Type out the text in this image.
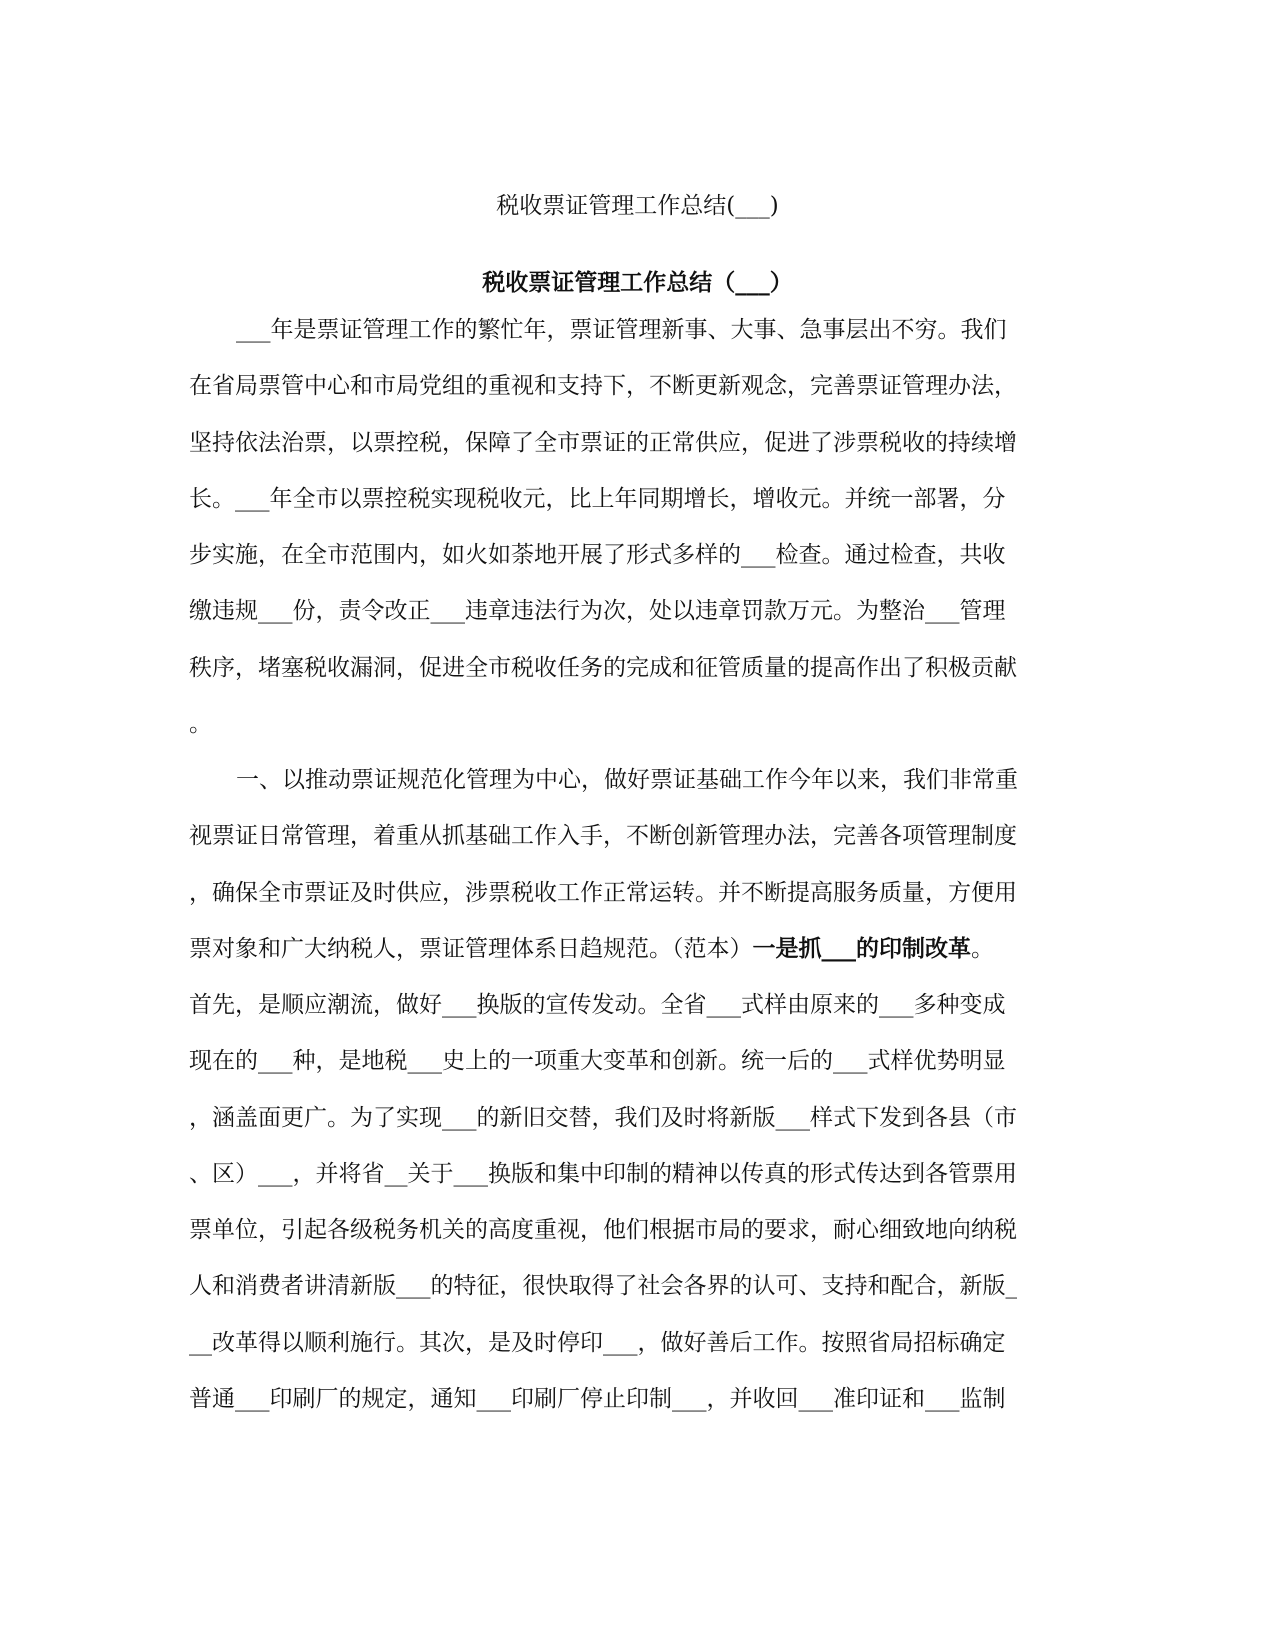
税收票证管理工作总结(___)
税收票证管理工作总结（___）
___年是票证管理工作的繁忙年，票证管理新事、大事、急事层出不穷。我们
在省局票管中心和市局党组的重视和支持下，不断更新观念，完善票证管理办法，
坚持依法治票，以票控税，保障了全市票证的正常供应，促进了涉票税收的持续增
长。___年全市以票控税实现税收元，比上年同期增长，增收元。并统一部署，分
步实施，在全市范围内，如火如荼地开展了形式多样的___检查。通过检查，共收
缴违规___份，责令改正___违章违法行为次，处以违章罚款万元。为整治___管理
秩序，堵塞税收漏洞，促进全市税收任务的完成和征管质量的提高作出了积极贡献
。
一、以推动票证规范化管理为中心，做好票证基础工作今年以来，我们非常重
视票证日常管理，着重从抓基础工作入手，不断创新管理办法，完善各项管理制度
，确保全市票证及时供应，涉票税收工作正常运转。并不断提高服务质量，方便用
票对象和广大纳税人，票证管理体系日趋规范。（范本）一是抓___的印制改革。
首先，是顺应潮流，做好___换版的宣传发动。全省___式样由原来的___多种变成
现在的___种，是地税___史上的一项重大变革和创新。统一后的___式样优势明显
，涵盖面更广。为了实现___的新旧交替，我们及时将新版___样式下发到各县（市
、区）___，并将省__关于___换版和集中印制的精神以传真的形式传达到各管票用
票单位，引起各级税务机关的高度重视，他们根据市局的要求，耐心细致地向纳税
人和消费者讲清新版___的特征，很快取得了社会各界的认可、支持和配合，新版_
__改革得以顺利施行。其次，是及时停印___，做好善后工作。按照省局招标确定
普通___印刷厂的规定，通知___印刷厂停止印制___，并收回___准印证和___监制
